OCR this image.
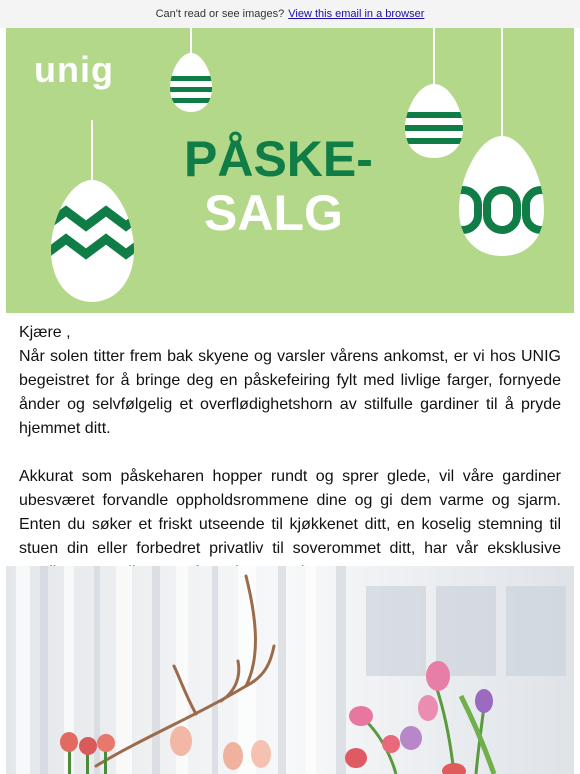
Can't read or see images? View this email in a browser
unig
PÅSKE-
SALG

Kjære ,

Når solen titter frem bak skyene og varsler vårens ankomst, er vi hos UNIG begeistret for å bringe deg en påskefeiring fylt med livlige farger, fornyede ånder og selvfølgelig et overflødighetshorn av stilfulle gardiner til å pryde hjemmet ditt.

Akkurat som påskeharen hopper rundt og sprer glede, vil våre gardiner ubesværet forvandle oppholdsrommene dine og gi dem varme og sjarm. Enten du søker et friskt utseende til kjøkkenet ditt, en koselig stemning til stuen din eller forbedret privatliv til soverommet ditt, har vår eksklusive
